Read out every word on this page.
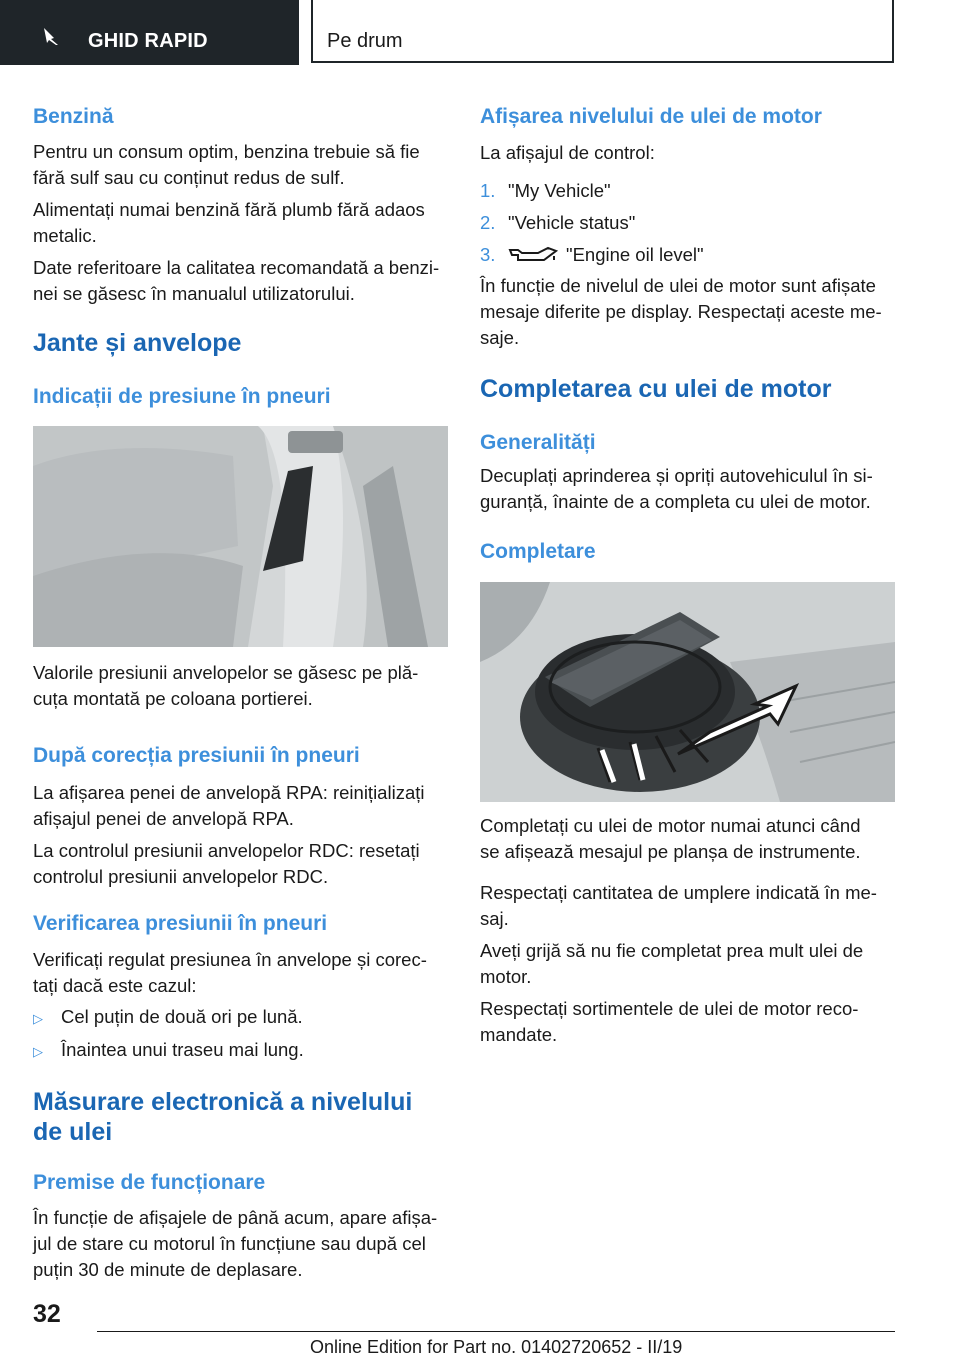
GHID RAPID	Pe drum
Benzină

Pentru un consum optim, benzina trebuie să fie

fără sulf sau cu conținut redus de sulf.

Alimentați numai benzină fără plumb fără adaos

metalic.

Date referitoare la calitatea recomandată a benzi‐

nei se găsesc în manualul utilizatorului.

Jante și anvelope
Indicații de presiune în pneuri

Valorile presiunii anvelopelor se găsesc pe plă‐

cuța montată pe coloana portierei.

După corecția presiunii în pneuri

La afișarea penei de anvelopă RPA: reinițializați

afișajul penei de anvelopă RPA.

La controlul presiunii anvelopelor RDC: resetați

controlul presiunii anvelopelor RDC.

Verificarea presiunii în pneuri

Verificați regulat presiunea în anvelope și corec‐

tați dacă este cazul:

▷ Cel puțin de două ori pe lună.
▷ Înaintea unui traseu mai lung.
Măsurare electronică a nivelului
de ulei
Premise de funcționare

În funcție de afișajele de până acum, apare afișa‐

jul de stare cu motorul în funcțiune sau după cel

puțin 30 de minute de deplasare.

Afișarea nivelului de ulei de motor

La afișajul de control:

1. "My Vehicle"
2. "Vehicle status"
3.	"Engine oil level"

În funcție de nivelul de ulei de motor sunt afișate

mesaje diferite pe display. Respectați aceste me‐

saje.

Completarea cu ulei de motor
Generalități

Decuplați aprinderea și opriți autovehiculul în si‐

guranță, înainte de a completa cu ulei de motor.

Completare

Completați cu ulei de motor numai atunci când

se afișează mesajul pe planșa de instrumente.

Respectați cantitatea de umplere indicată în me‐

saj.

Aveți grijă să nu fie completat prea mult ulei de

motor.

Respectați sortimentele de ulei de motor reco‐

mandate.

32
Online Edition for Part no. 01402720652 - II/19
